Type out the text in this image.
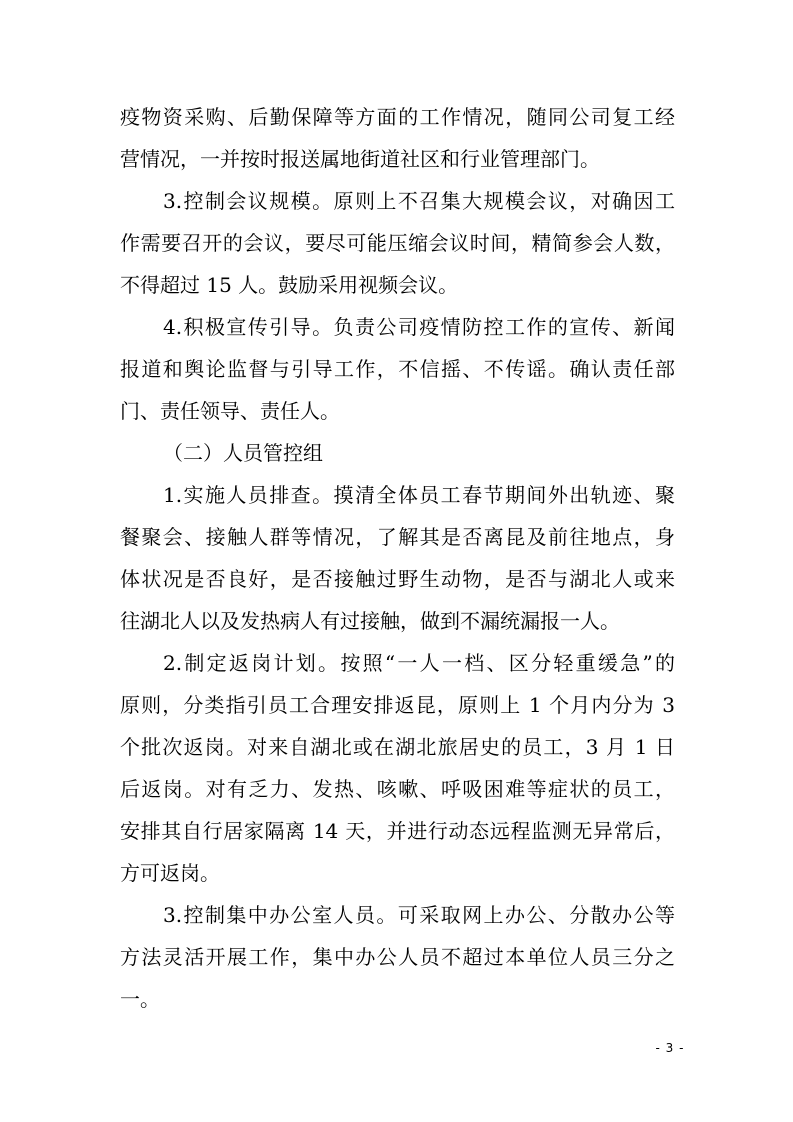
疫物资采购、后勤保障等方面的工作情况，随同公司复工经
营情况，一并按时报送属地街道社区和行业管理部门。
3.控制会议规模。原则上不召集大规模会议，对确因工
作需要召开的会议，要尽可能压缩会议时间，精简参会人数，
不得超过 15 人。鼓励采用视频会议。
4.积极宣传引导。负责公司疫情防控工作的宣传、新闻
报道和舆论监督与引导工作，不信摇、不传谣。确认责任部
门、责任领导、责任人。
（二）人员管控组
1.实施人员排查。摸清全体员工春节期间外出轨迹、聚
餐聚会、接触人群等情况，了解其是否离昆及前往地点，身
体状况是否良好，是否接触过野生动物，是否与湖北人或来
往湖北人以及发热病人有过接触，做到不漏统漏报一人。
2.制定返岗计划。按照“一人一档、区分轻重缓急”的
原则，分类指引员工合理安排返昆，原则上 1 个月内分为 3
个批次返岗。对来自湖北或在湖北旅居史的员工，3 月 1 日
后返岗。对有乏力、发热、咳嗽、呼吸困难等症状的员工，
安排其自行居家隔离 14 天，并进行动态远程监测无异常后，
方可返岗。
3.控制集中办公室人员。可采取网上办公、分散办公等
方法灵活开展工作，集中办公人员不超过本单位人员三分之
一。
- 3 -
